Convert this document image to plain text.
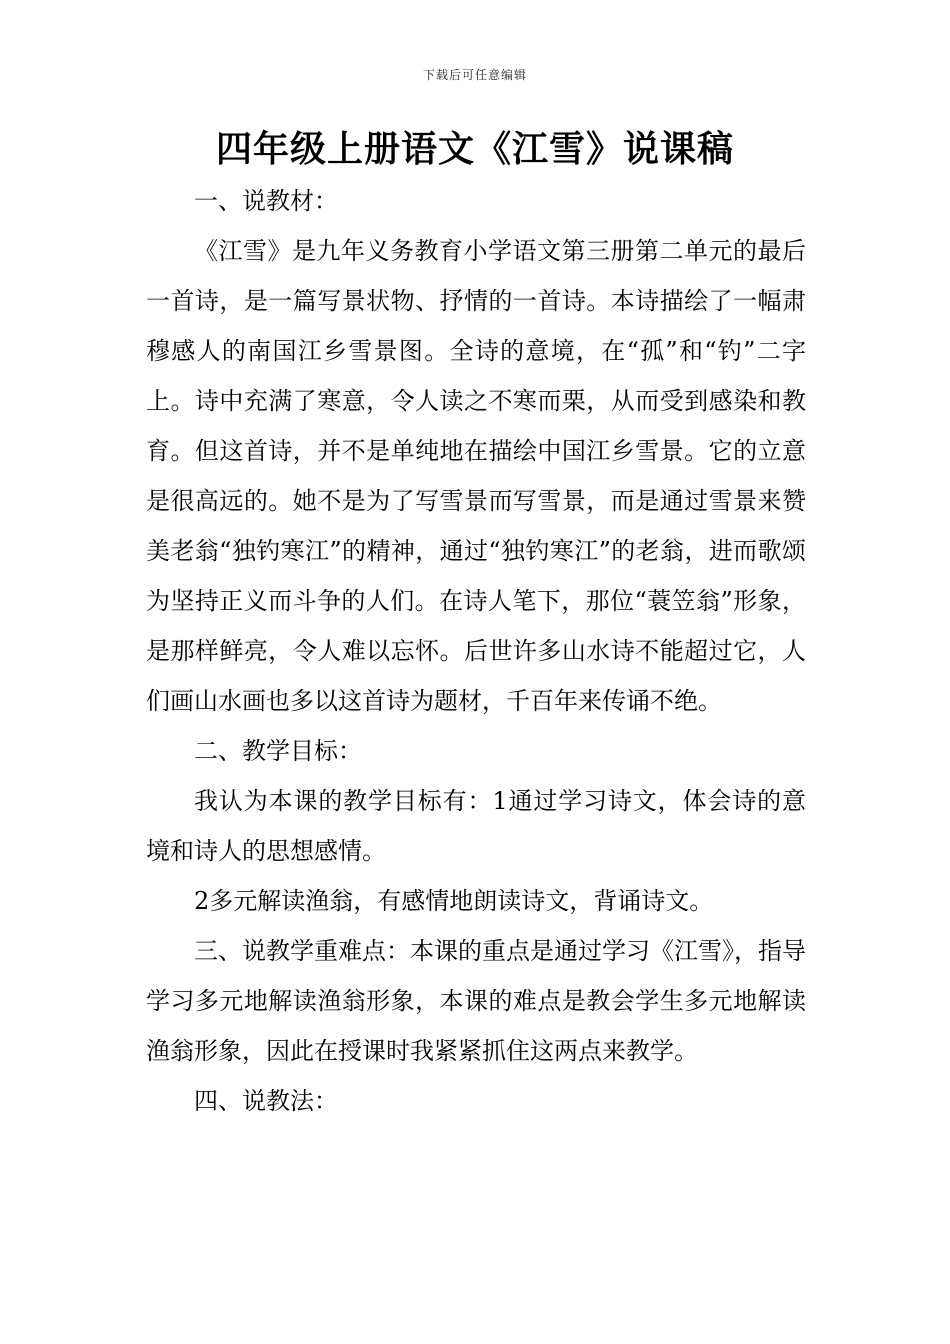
下载后可任意编辑
四年级上册语文《江雪》说课稿

一、说教材：

《江雪》是九年义务教育小学语文第三册第二单元的最后一首诗，是一篇写景状物、抒情的一首诗。本诗描绘了一幅肃穆感人的南国江乡雪景图。全诗的意境，在“孤”和“钓”二字上。诗中充满了寒意，令人读之不寒而栗，从而受到感染和教育。但这首诗，并不是单纯地在描绘中国江乡雪景。它的立意是很高远的。她不是为了写雪景而写雪景，而是通过雪景来赞美老翁“独钓寒江”的精神，通过“独钓寒江”的老翁，进而歌颂为坚持正义而斗争的人们。在诗人笔下，那位“蓑笠翁”形象，是那样鲜亮，令人难以忘怀。后世许多山水诗不能超过它，人们画山水画也多以这首诗为题材，千百年来传诵不绝。

二、教学目标：

我认为本课的教学目标有：1通过学习诗文，体会诗的意境和诗人的思想感情。

2多元解读渔翁，有感情地朗读诗文，背诵诗文。

三、说教学重难点：本课的重点是通过学习《江雪》，指导学习多元地解读渔翁形象，本课的难点是教会学生多元地解读渔翁形象，因此在授课时我紧紧抓住这两点来教学。

四、说教法：
